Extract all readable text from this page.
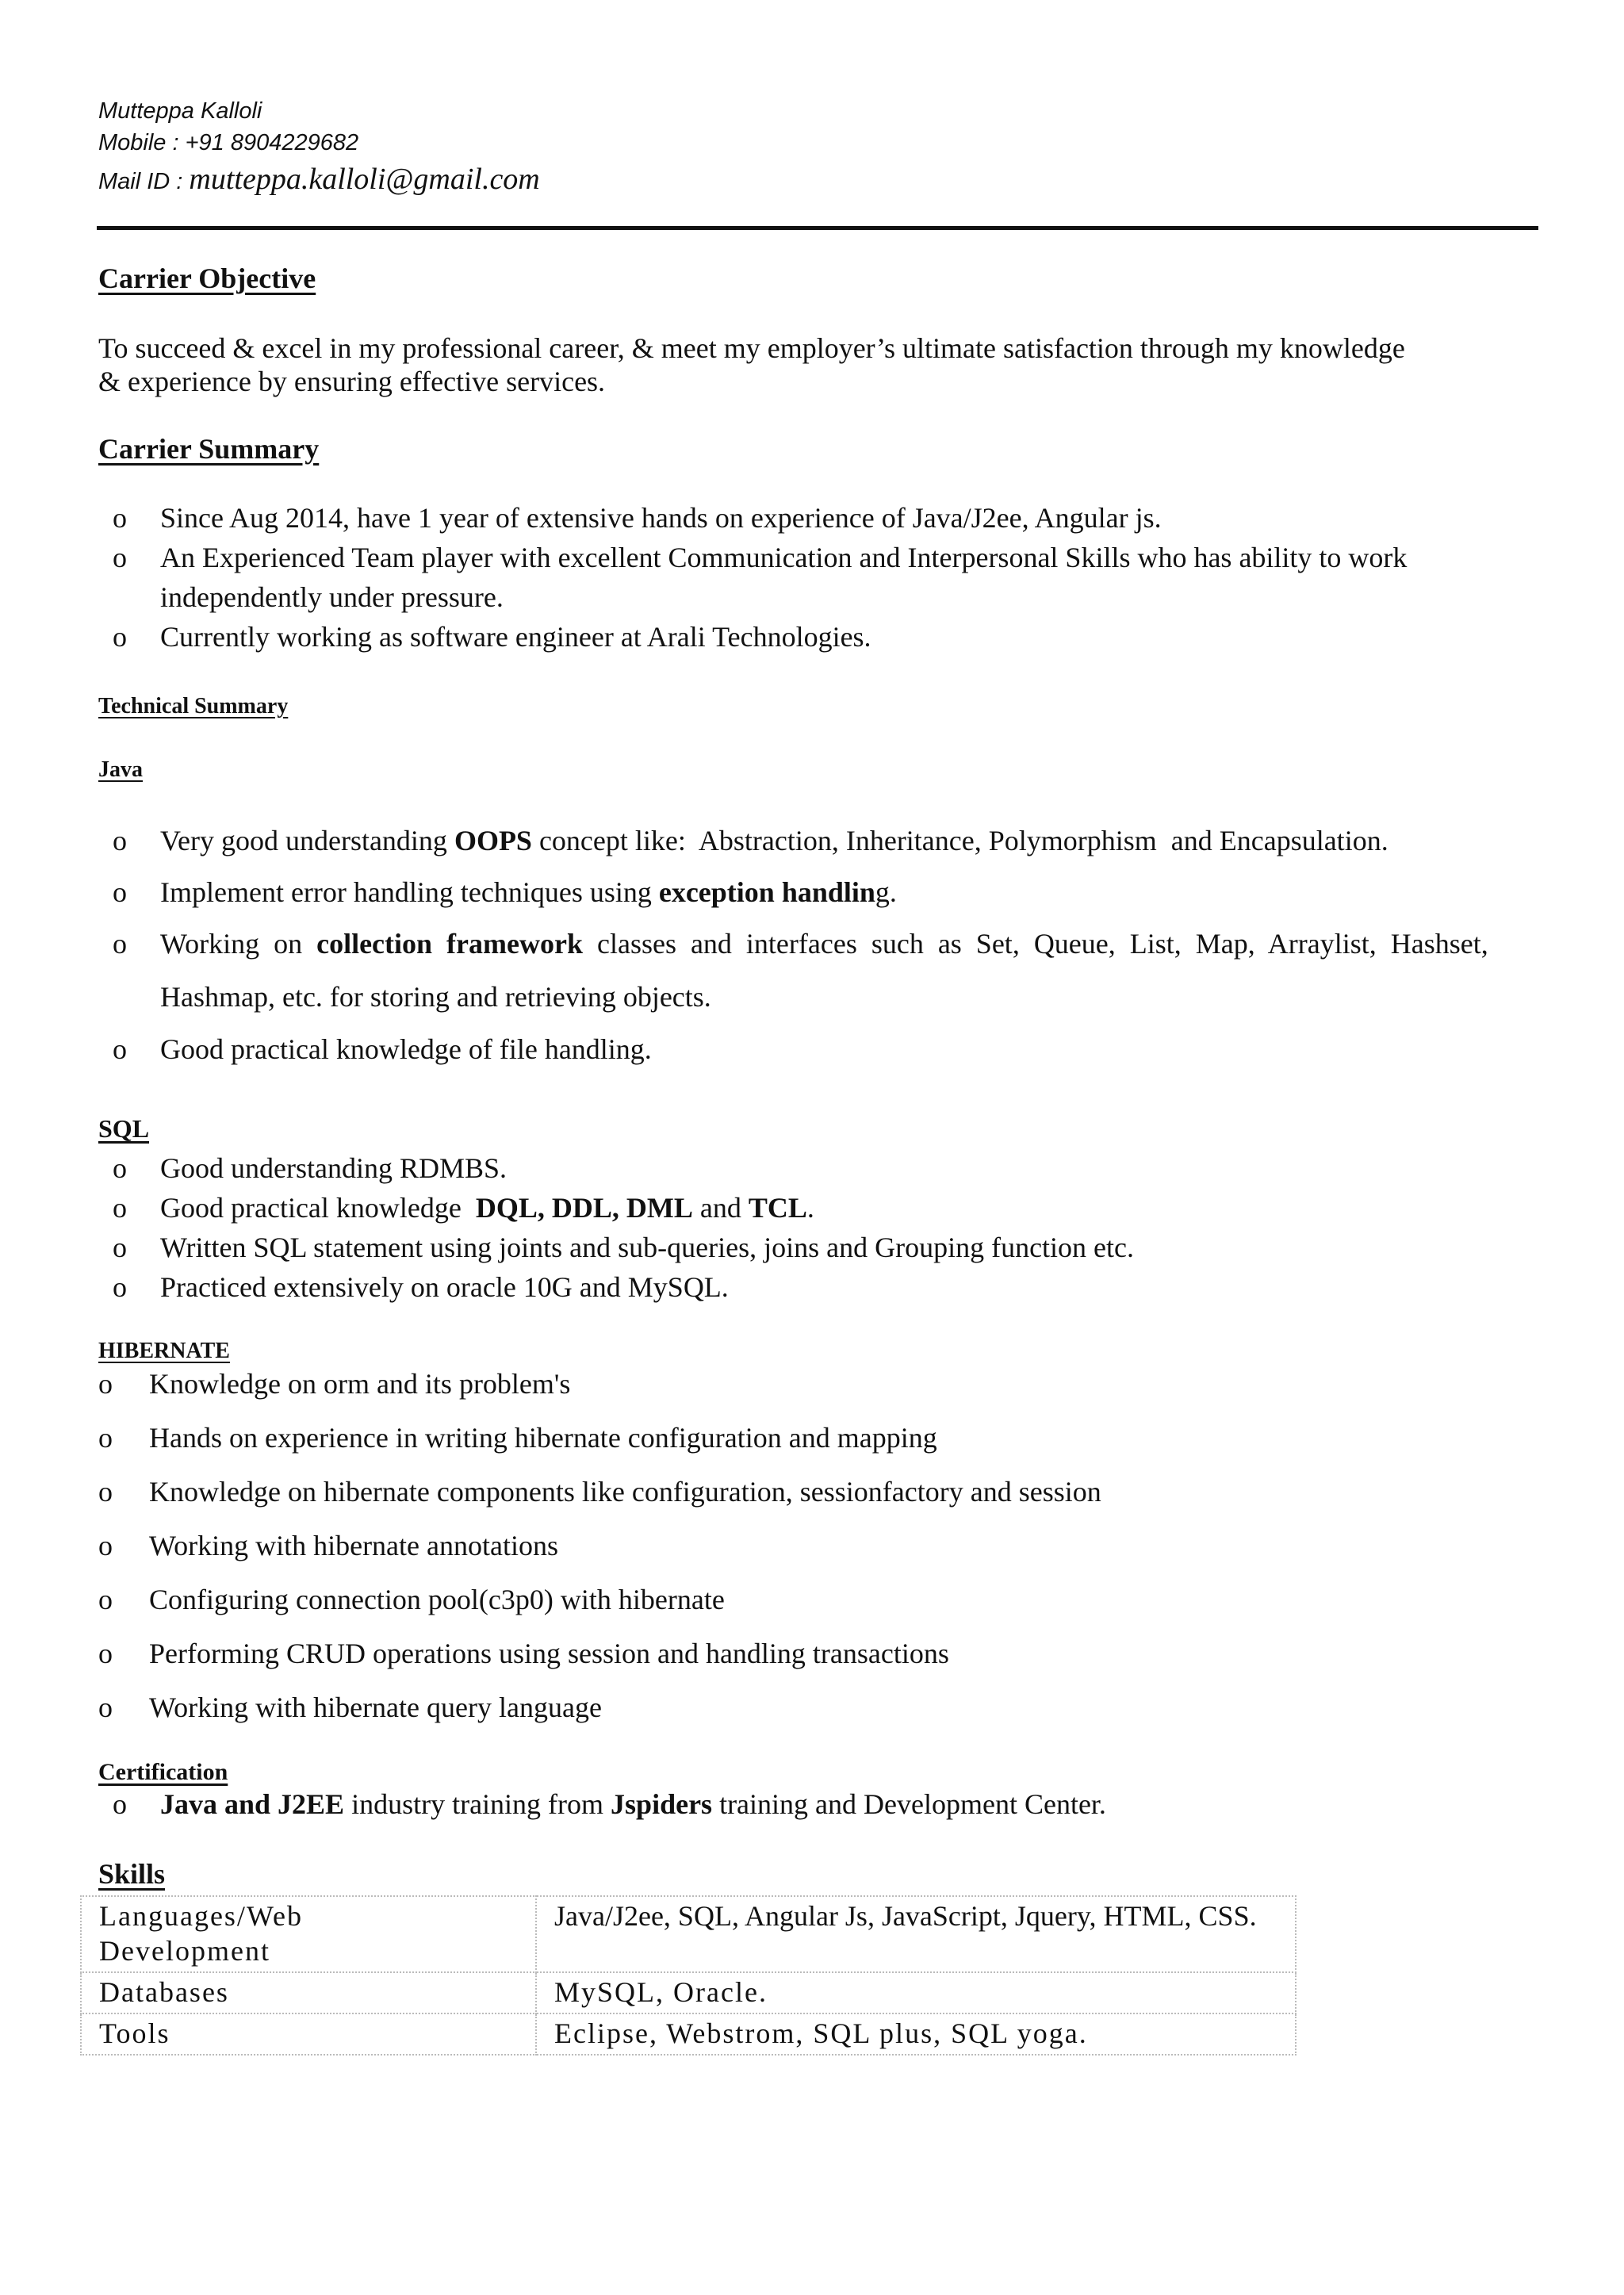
Mutteppa Kalloli
Mobile : +91 8904229682
Mail ID : mutteppa.kalloli@gmail.com
Carrier Objective
To succeed & excel in my professional career, & meet my employer’s ultimate satisfaction through my knowledge
& experience by ensuring effective services.
Carrier Summary
o Since Aug 2014, have 1 year of extensive hands on experience of Java/J2ee, Angular js.
o An Experienced Team player with excellent Communication and Interpersonal Skills who has ability to work
independently under pressure.
o Currently working as software engineer at Arali Technologies.
Technical Summary
Java
o Very good understanding OOPS concept like:  Abstraction, Inheritance, Polymorphism  and Encapsulation.
o Implement error handling techniques using exception handling.
o Working  on  collection  framework  classes  and  interfaces  such  as  Set,  Queue,  List,  Map,  Arraylist,  Hashset,
Hashmap, etc. for storing and retrieving objects.
o Good practical knowledge of file handling.
SQL
o Good understanding RDMBS.
o Good practical knowledge  DQL, DDL, DML and TCL.
o Written SQL statement using joints and sub-queries, joins and Grouping function etc.
o Practiced extensively on oracle 10G and MySQL.
HIBERNATE
o Knowledge on orm and its problem's
o Hands on experience in writing hibernate configuration and mapping
o Knowledge on hibernate components like configuration, sessionfactory and session
o Working with hibernate annotations
o Configuring connection pool(c3p0) with hibernate
o Performing CRUD operations using session and handling transactions
o Working with hibernate query language
Certification
o Java and J2EE industry training from Jspiders training and Development Center.
Skills
Languages/Web
Development	Java/J2ee, SQL, Angular Js, JavaScript, Jquery, HTML, CSS.
Databases	MySQL, Oracle.
Tools	Eclipse, Webstrom, SQL plus, SQL yoga.
